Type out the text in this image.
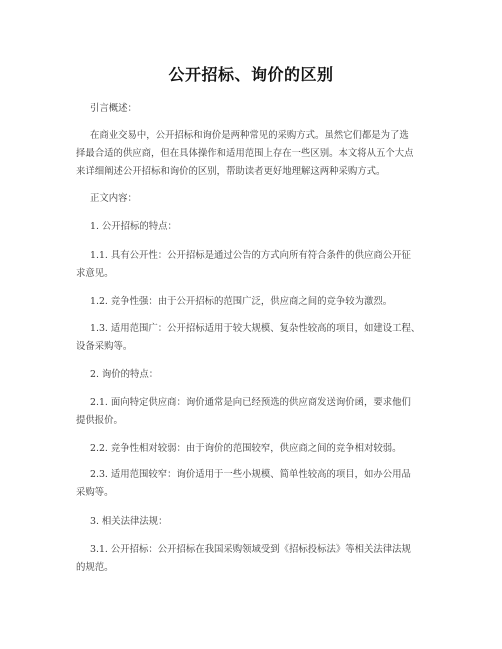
公开招标、询价的区别
引言概述：
在商业交易中，公开招标和询价是两种常见的采购方式。虽然它们都是为了选
择最合适的供应商，但在具体操作和适用范围上存在一些区别。本文将从五个大点
来详细阐述公开招标和询价的区别，帮助读者更好地理解这两种采购方式。
正文内容：
1. 公开招标的特点：
1.1. 具有公开性：公开招标是通过公告的方式向所有符合条件的供应商公开征
求意见。
1.2. 竞争性强：由于公开招标的范围广泛，供应商之间的竞争较为激烈。
1.3. 适用范围广：公开招标适用于较大规模、复杂性较高的项目，如建设工程、
设备采购等。
2. 询价的特点：
2.1. 面向特定供应商：询价通常是向已经预选的供应商发送询价函，要求他们
提供报价。
2.2. 竞争性相对较弱：由于询价的范围较窄，供应商之间的竞争相对较弱。
2.3. 适用范围较窄：询价适用于一些小规模、简单性较高的项目，如办公用品
采购等。
3. 相关法律法规：
3.1. 公开招标：公开招标在我国采购领域受到《招标投标法》等相关法律法规
的规范。
